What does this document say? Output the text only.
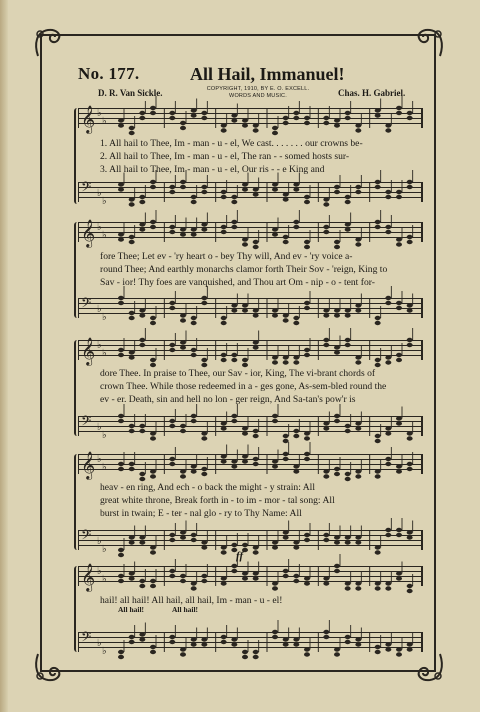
No. 177.	All Hail, Immanuel!
D. R. Van Sickle.	COPYRIGHT, 1910, BY E. O. EXCELL.
WORDS AND MUSIC.	Chas. H. Gabriel.
𝄞 ♭
♭
𝄢 ♭
♭
1. All hail to Thee, Im - man - u - el, We cast. . . . . . . our crowns be-
2. All hail to Thee, Im - man - u - el, The ran - - somed hosts sur-
3. All hail to Thee, Im - man - u - el, Our ris - - e King and
𝄞 ♭
♭
𝄢 ♭
♭
fore Thee; Let ev - 'ry heart o - bey Thy will, And ev - 'ry voice a-
round Thee; And earthly monarchs clamor forth Their Sov - 'reign, King to
Sav - ior! Thy foes are vanquished, and Thou art Om - nip - o - tent for-
𝄞 ♭
♭
𝄢 ♭
♭
dore Thee. In praise to Thee, our Sav - ior, King, The vi-brant chords of
crown Thee. While those redeemed in a - ges gone, As-sem-bled round the
ev - er. Death, sin and hell no lon - ger reign, And Sa-tan's pow'r is
𝄞 ♭
♭
𝄢 ♭
♭
heav - en ring, And ech - o back the might - y strain: All
great white throne, Break forth in - to im - mor - tal song: All
burst in twain; E - ter - nal glo - ry to Thy Name: All
𝄞 ♭
♭
𝄢 ♭
♭
ff
hail! all hail! All hail, all hail, Im - man - u - el!
All hail!	All hail!
